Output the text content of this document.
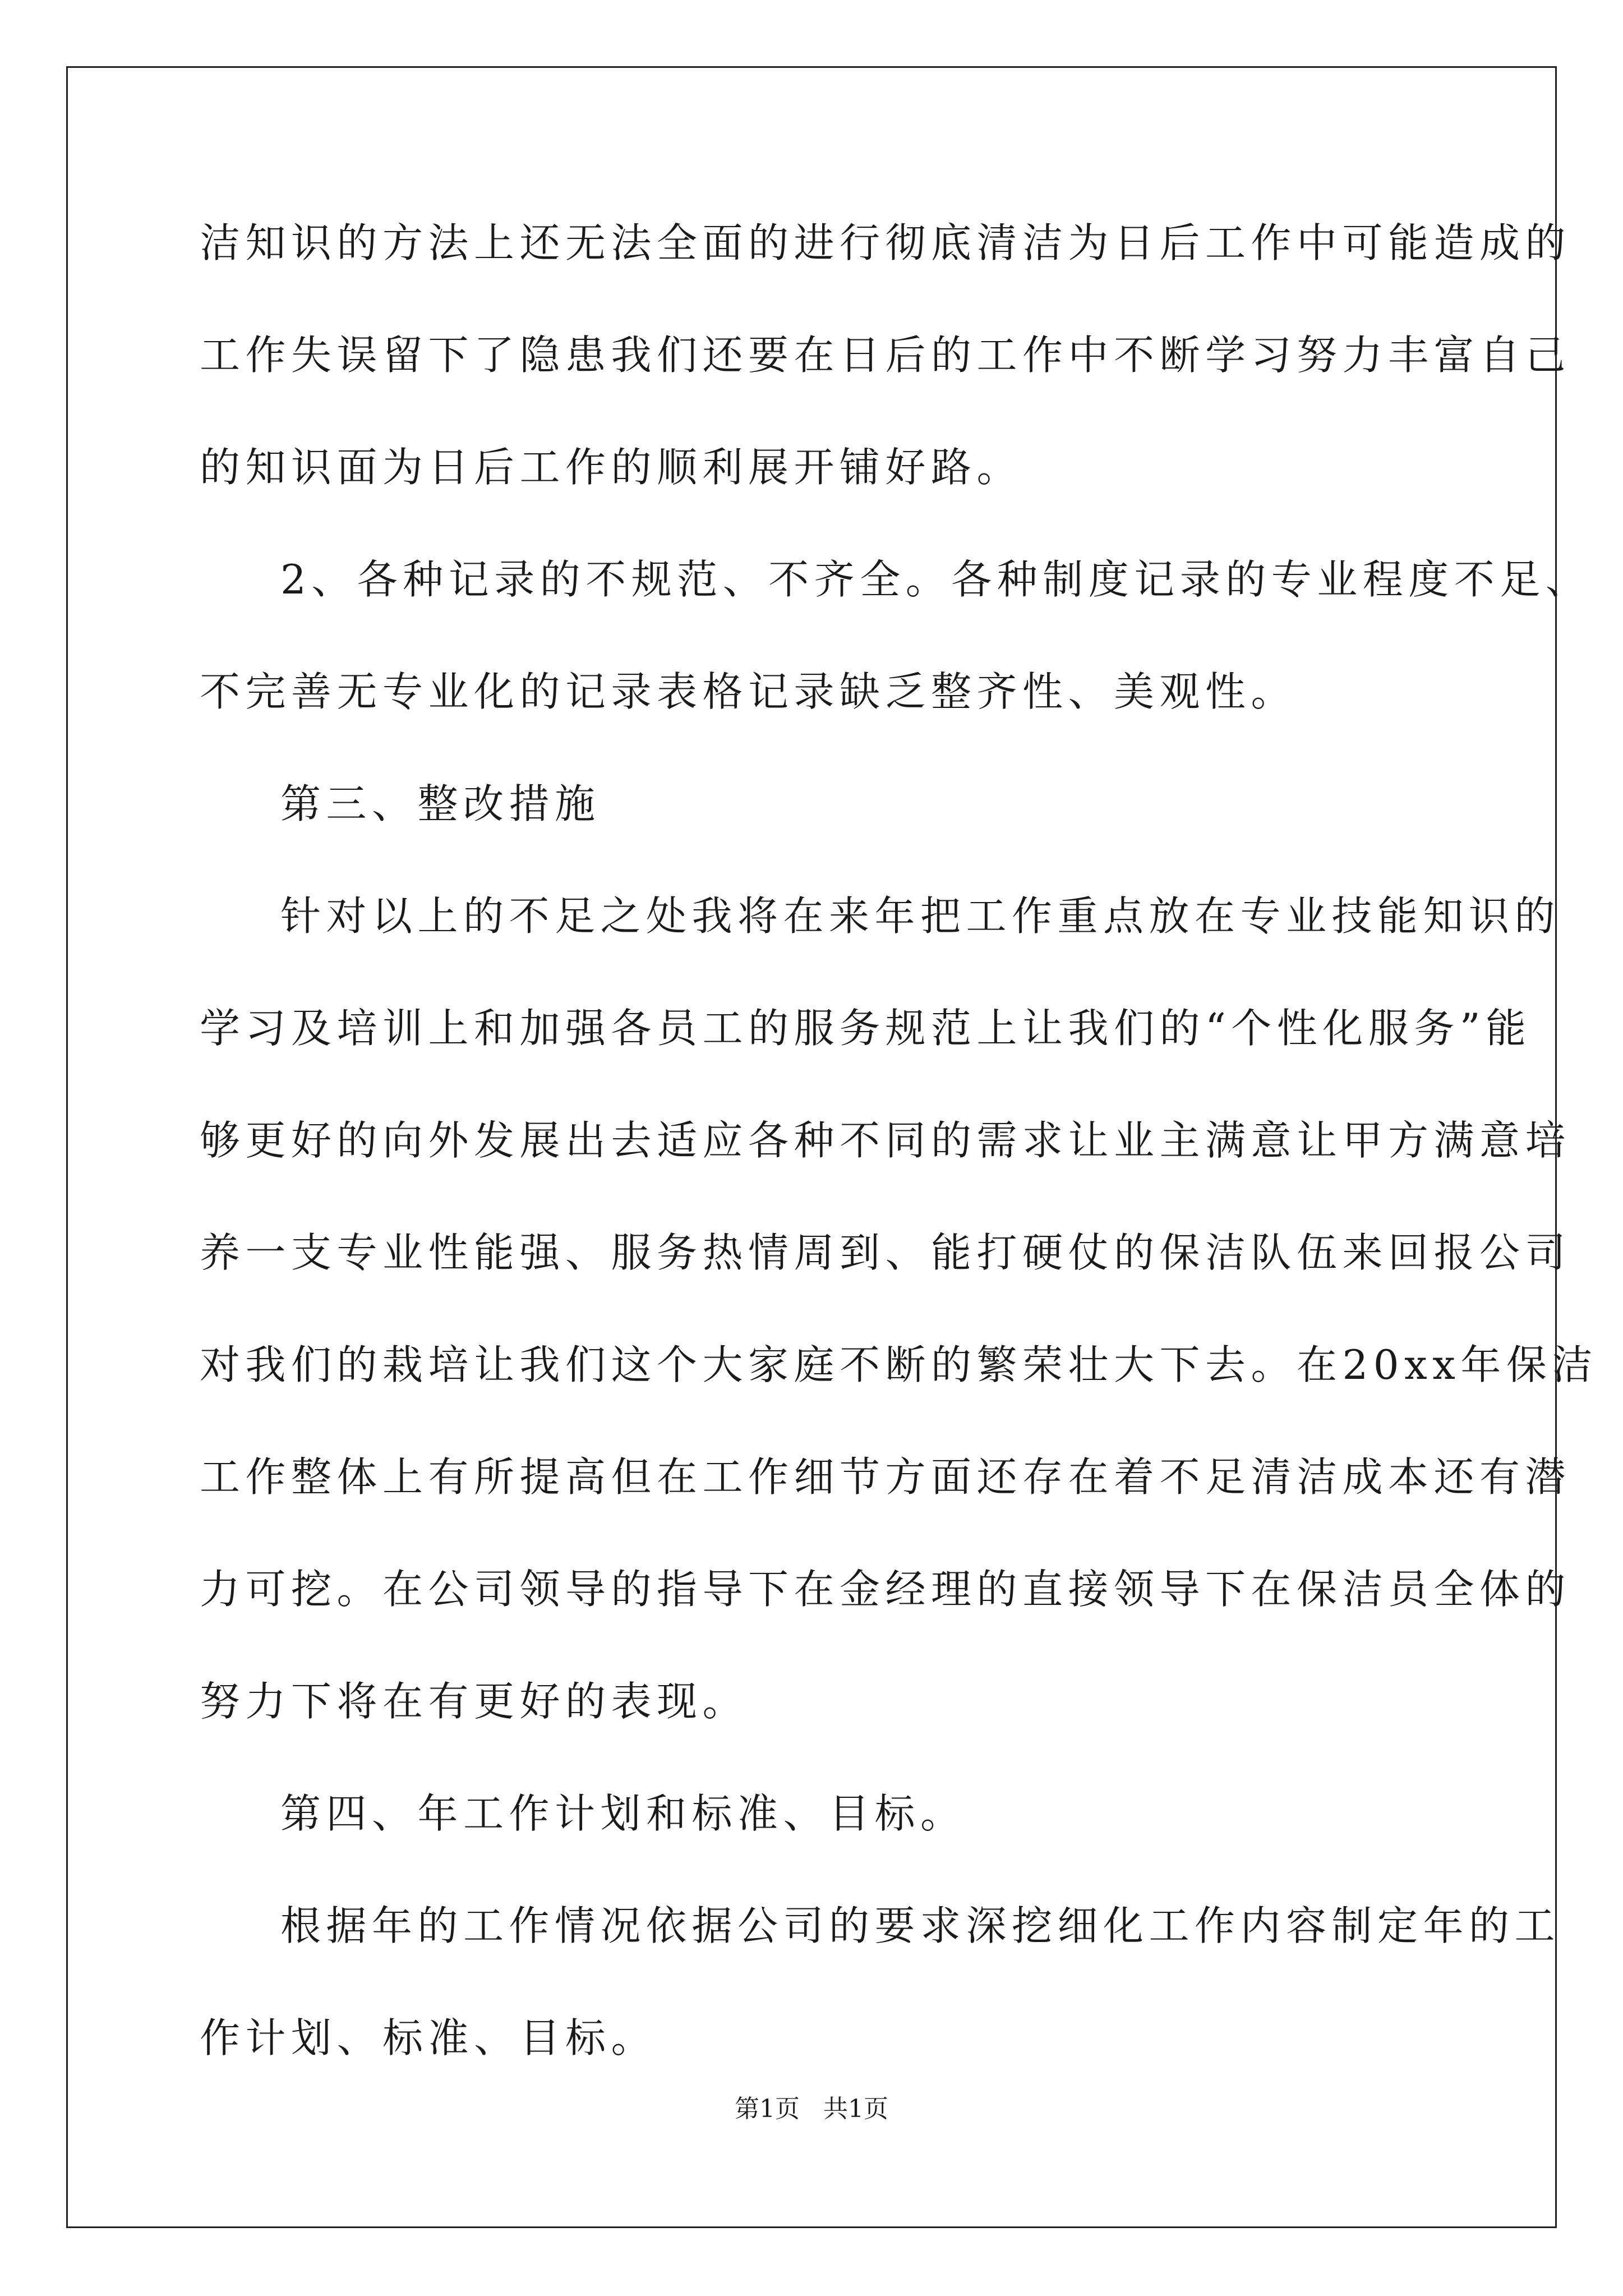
洁知识的方法上还无法全面的进行彻底清洁为日后工作中可能造成的
工作失误留下了隐患我们还要在日后的工作中不断学习努力丰富自己
的知识面为日后工作的顺利展开铺好路。
2、各种记录的不规范、不齐全。各种制度记录的专业程度不足、
不完善无专业化的记录表格记录缺乏整齐性、美观性。
第三、整改措施
针对以上的不足之处我将在来年把工作重点放在专业技能知识的
学习及培训上和加强各员工的服务规范上让我们的“个性化服务”能
够更好的向外发展出去适应各种不同的需求让业主满意让甲方满意培
养一支专业性能强、服务热情周到、能打硬仗的保洁队伍来回报公司
对我们的栽培让我们这个大家庭不断的繁荣壮大下去。在20xx年保洁
工作整体上有所提高但在工作细节方面还存在着不足清洁成本还有潜
力可挖。在公司领导的指导下在金经理的直接领导下在保洁员全体的
努力下将在有更好的表现。
第四、年工作计划和标准、目标。
根据年的工作情况依据公司的要求深挖细化工作内容制定年的工
作计划、标准、目标。
第1页 共1页
